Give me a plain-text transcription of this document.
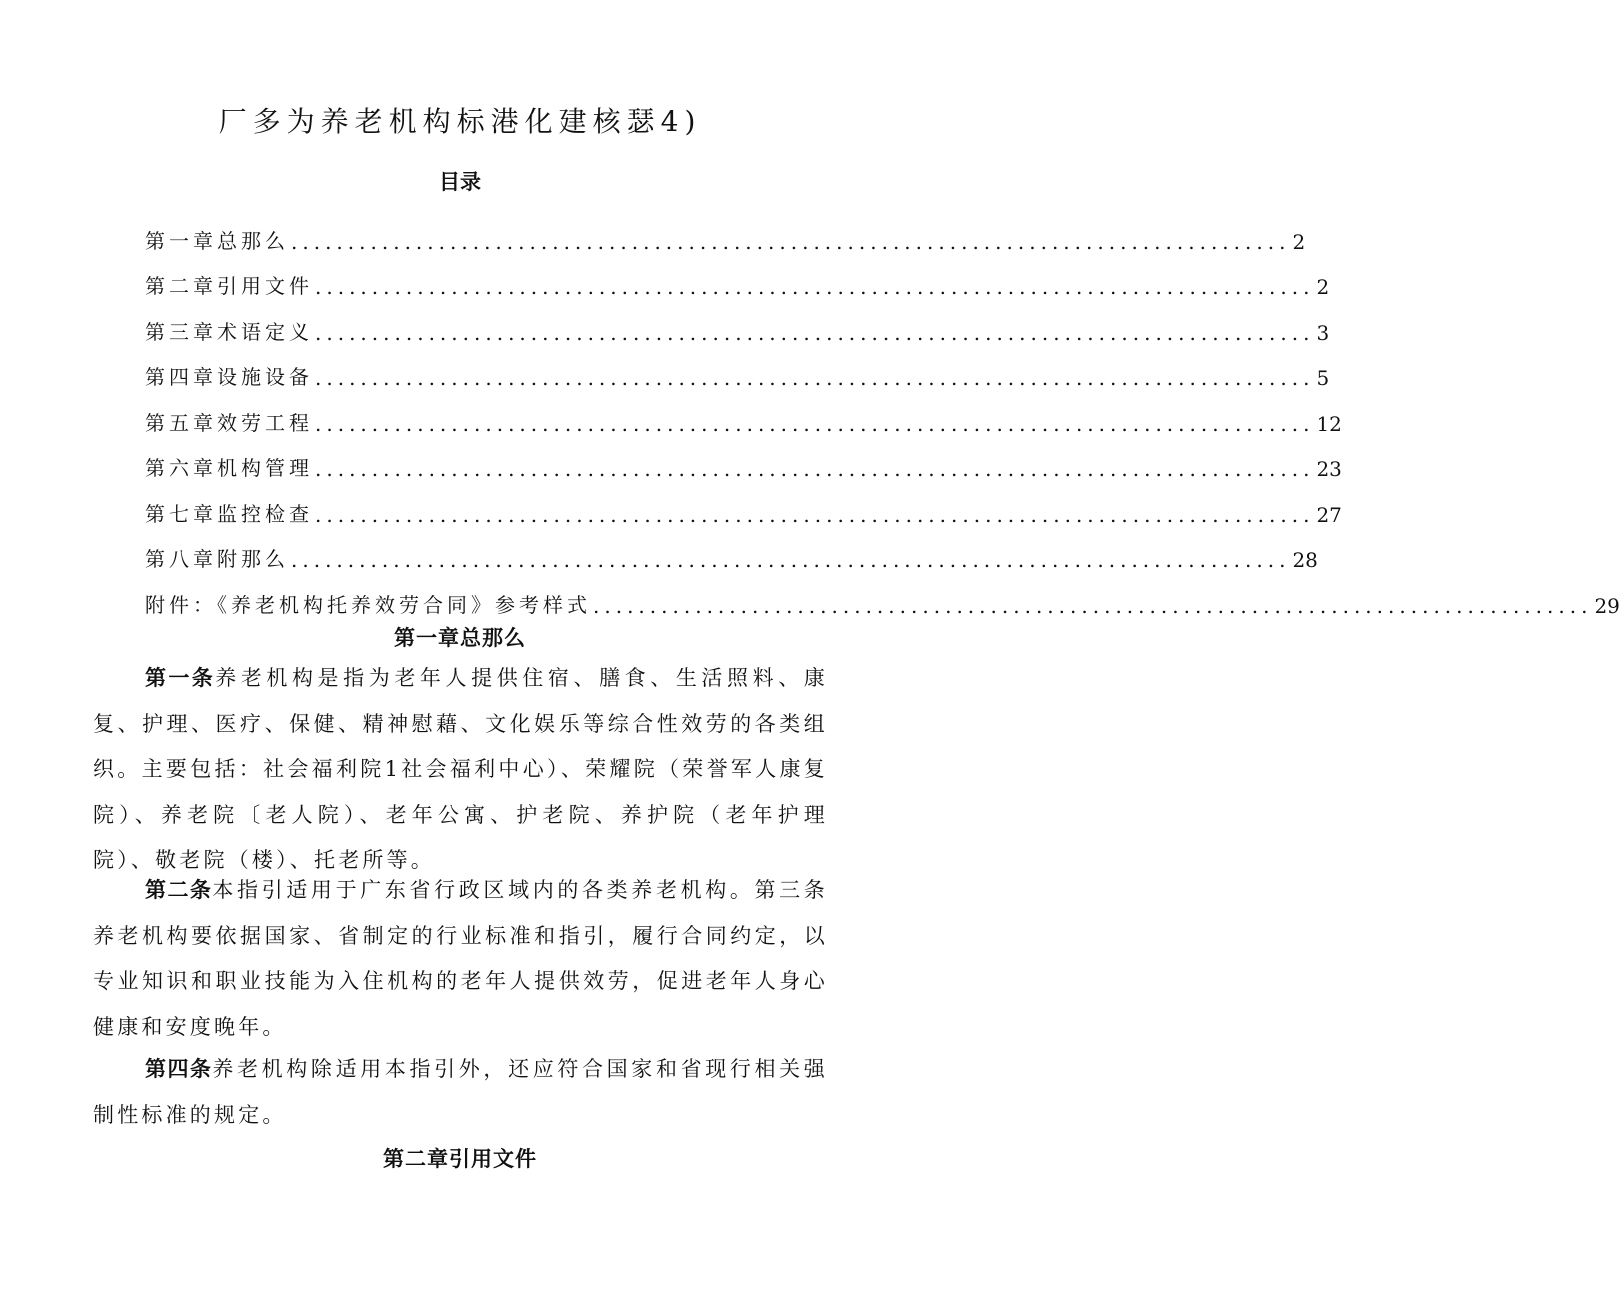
厂多为养老机构标港化建核瑟4)
目录
第一章总那么 ........................................................................................ 2
第二章引用文件 ........................................................................................ 2
第三章术语定义 ........................................................................................ 3
第四章设施设备 ........................................................................................ 5
第五章效劳工程 ........................................................................................ 12
第六章机构管理 ........................................................................................ 23
第七章监控检查 ........................................................................................ 27
第八章附那么 ........................................................................................ 28
附件：《养老机构托养效劳合同》参考样式 ........................................................................................ 29
第一章总那么

第一条养老机构是指为老年人提供住宿、膳食、生活照料、康复、护理、医疗、保健、精神慰藉、文化娱乐等综合性效劳的各类组织。主要包括：社会福利院1社会福利中心）、荣耀院（荣誉军人康复院）、养老院〔老人院）、老年公寓、护老院、养护院（老年护理院）、敬老院（楼）、托老所等。

第二条本指引适用于广东省行政区域内的各类养老机构。第三条养老机构要依据国家、省制定的行业标准和指引，履行合同约定，以专业知识和职业技能为入住机构的老年人提供效劳，促进老年人身心健康和安度晚年。

第四条养老机构除适用本指引外，还应符合国家和省现行相关强制性标准的规定。

第二章引用文件
